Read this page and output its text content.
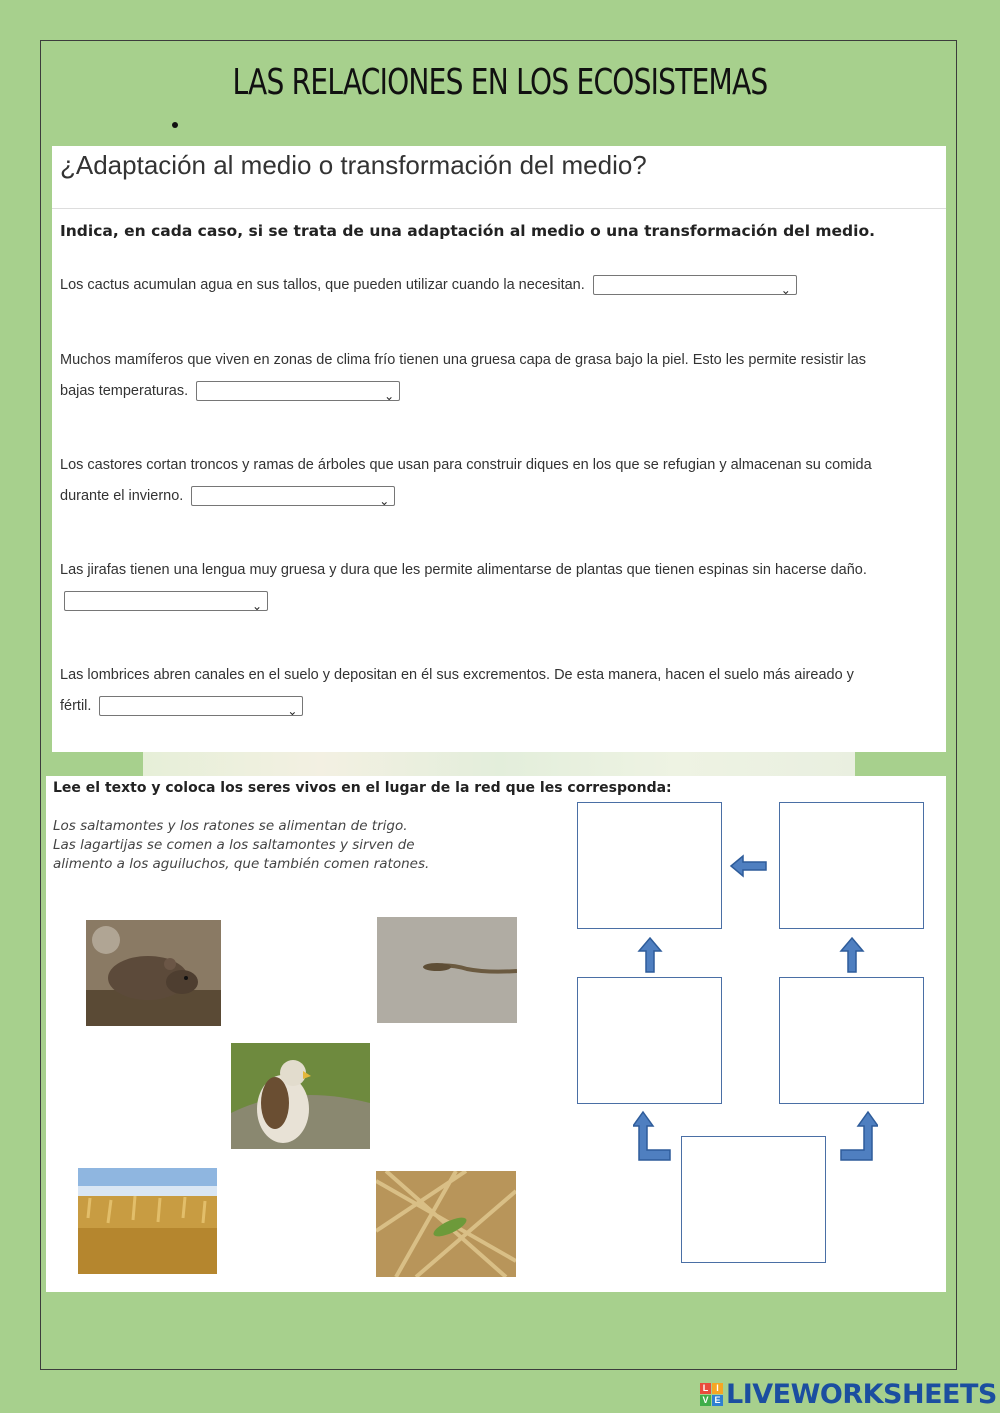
LAS RELACIONES EN LOS ECOSISTEMAS
¿Adaptación al medio o transformación del medio?
Indica, en cada caso, si se trata de una adaptación al medio o una transformación del medio.
Los cactus acumulan agua en sus tallos, que pueden utilizar cuando la necesitan.	⌄
Muchos mamíferos que viven en zonas de clima frío tienen una gruesa capa de grasa bajo la piel. Esto les permite resistir las bajas temperaturas.	⌄
Los castores cortan troncos y ramas de árboles que usan para construir diques en los que se refugian y almacenan su comida durante el invierno.	⌄
Las jirafas tienen una lengua muy gruesa y dura que les permite alimentarse de plantas que tienen espinas sin hacerse daño.
⌄
Las lombrices abren canales en el suelo y depositan en él sus excrementos. De esta manera, hacen el suelo más aireado y fértil.	⌄
Lee el texto y coloca los seres vivos en el lugar de la red que les corresponda:
Los saltamontes y los ratones se alimentan de trigo.
Las lagartijas se comen a los saltamontes y sirven de
alimento a los aguiluchos, que también comen ratones.
L I
V E LIVEWORKSHEETS
